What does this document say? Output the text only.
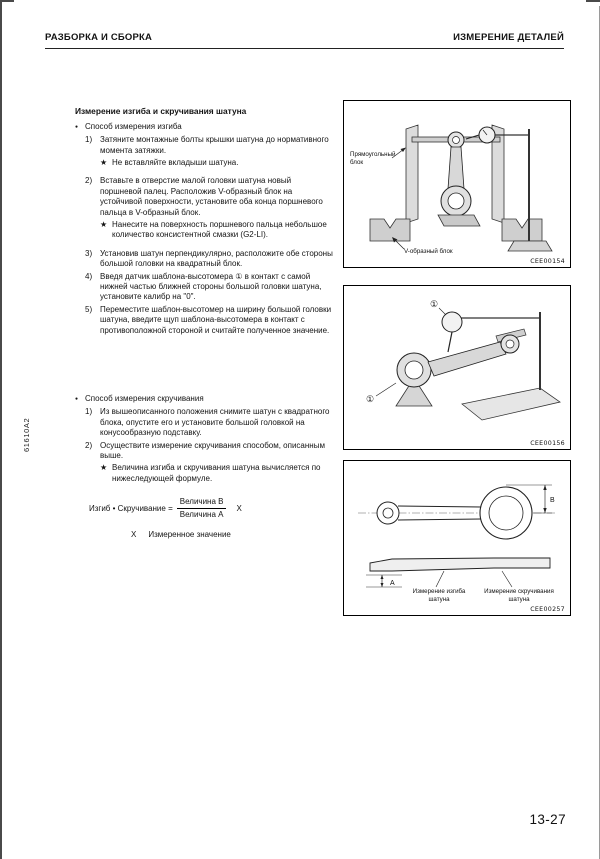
РАЗБОРКА И СБОРКА	ИЗМЕРЕНИЕ ДЕТАЛЕЙ
61610A2
Измерение изгиба и скручивания шатуна
● Способ измерения изгиба
1) Затяните монтажные болты крышки шатуна до нормативного момента затяжки.
★ Не вставляйте вкладыши шатуна.
2) Вставьте в отверстие малой головки шатуна новый поршневой палец. Расположив V-образный блок на устойчивой поверхности, установите оба конца поршневого пальца в V-образный блок.
★ Нанесите на поверхность поршневого пальца небольшое количество консистентной смазки (G2-LI).
3) Установив шатун перпендикулярно, расположите обе стороны большой головки на квадратный блок.
4) Введя датчик шаблона-высотомера ① в контакт с самой нижней частью ближней стороны большой головки шатуна, установите калибр на "0".
5) Переместите шаблон-высотомер на ширину большой головки шатуна, введите щуп шаблона-высотомера в контакт с противоположной стороной и считайте полученное значение.
● Способ измерения скручивания
1) Из вышеописанного положения снимите шатун с квадратного блока, опустите его и установите большой головкой на конусообразную подставку.
2) Осуществите измерение скручивания способом, описанным выше.
★ Величина изгиба и скручивания шатуна вычисляется по нижеследующей формуле.
Изгиб • Скручивание = $\frac{\text{Величина B}}{\text{Величина A}}$ X
X Измеренное значение
Прямоугольный блок
V-образный блок
CEE00154
①
①
CEE00156
B
A
Измерение изгиба шатуна
Измерение скручивания шатуна
CEE00257
13-27
